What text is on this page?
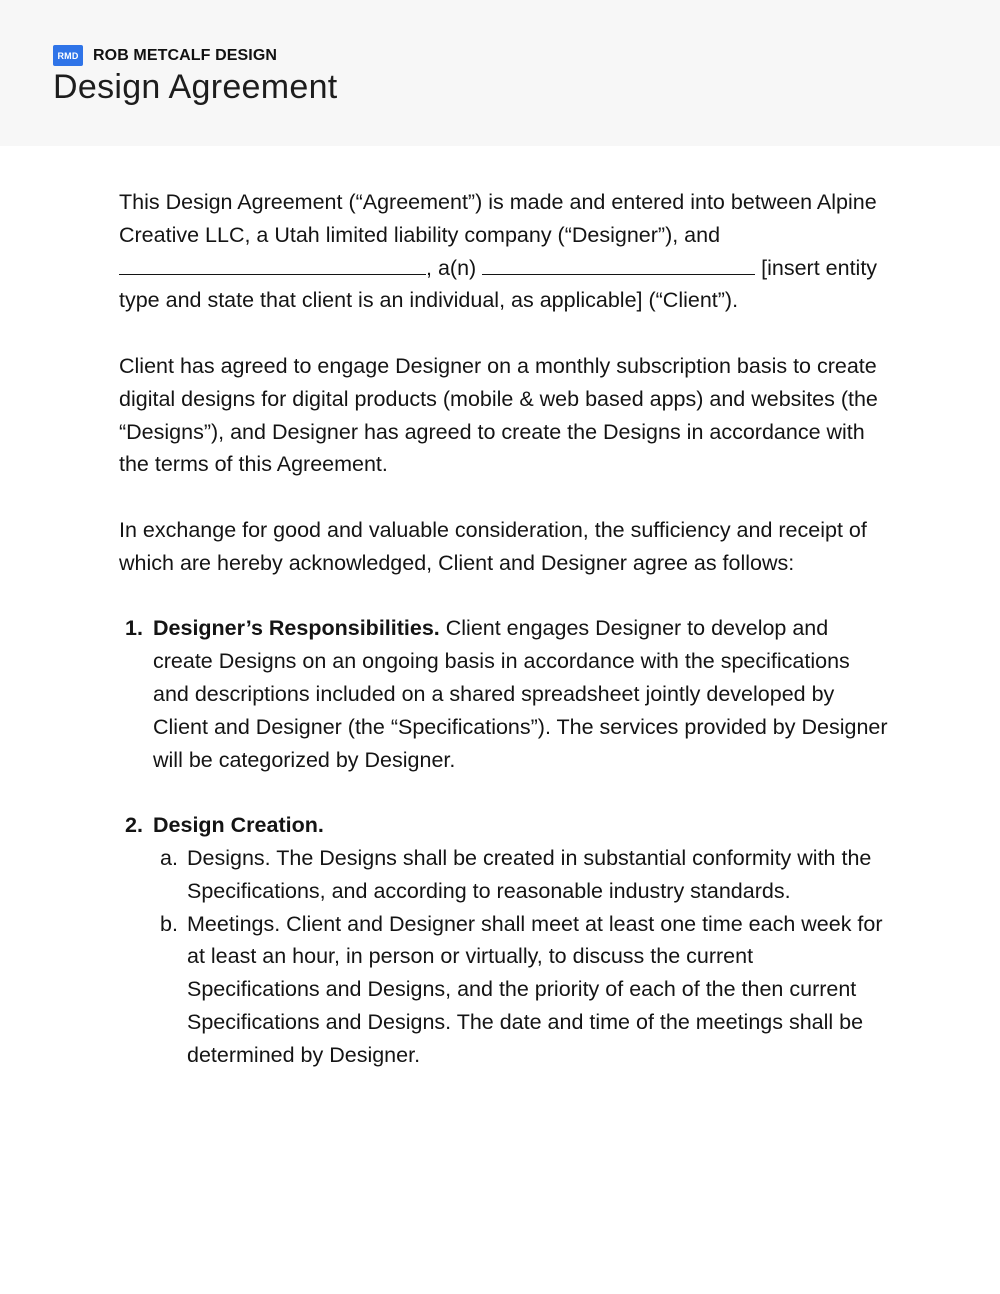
RMD ROB METCALF DESIGN
Design Agreement

This Design Agreement (“Agreement”) is made and entered into between Alpine Creative LLC, a Utah limited liability company (“Designer”), and , a(n)	[insert entity type and state that client is an individual, as applicable] (“Client”).

Client has agreed to engage Designer on a monthly subscription basis to create digital designs for digital products (mobile & web based apps) and websites (the “Designs”), and Designer has agreed to create the Designs in accordance with the terms of this Agreement.

In exchange for good and valuable consideration, the sufficiency and receipt of which are hereby acknowledged, Client and Designer agree as follows:

1. Designer’s Responsibilities. Client engages Designer to develop and create Designs on an ongoing basis in accordance with the specifications and descriptions included on a shared spreadsheet jointly developed by Client and Designer (the “Specifications”). The services provided by Designer will be categorized by Designer.
2. Design Creation.
a. Designs. The Designs shall be created in substantial conformity with the Specifications, and according to reasonable industry standards.
b. Meetings. Client and Designer shall meet at least one time each week for at least an hour, in person or virtually, to discuss the current Specifications and Designs, and the priority of each of the then current Specifications and Designs. The date and time of the meetings shall be determined by Designer.
